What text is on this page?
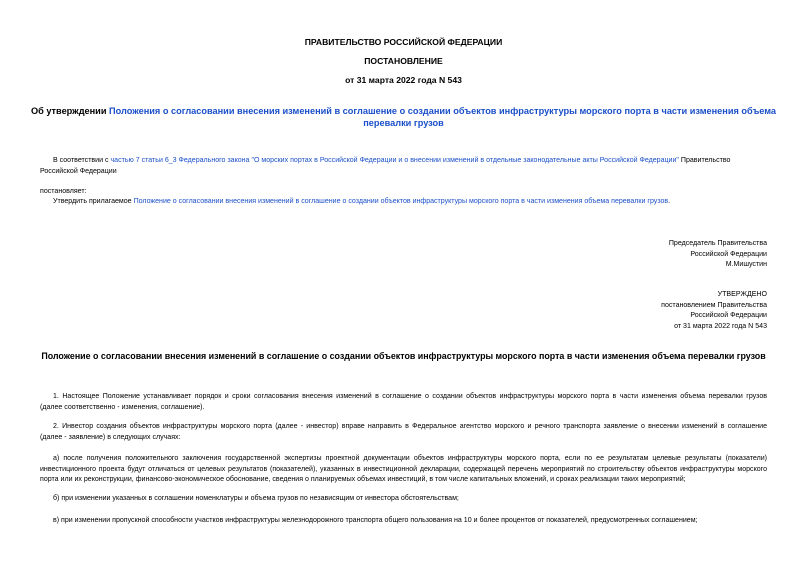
ПРАВИТЕЛЬСТВО РОССИЙСКОЙ ФЕДЕРАЦИИ
ПОСТАНОВЛЕНИЕ
от 31 марта 2022 года N 543
Об утверждении Положения о согласовании внесения изменений в соглашение о создании объектов инфраструктуры морского порта в части изменения объема
перевалки грузов
В соответствии с частью 7 статьи 6_3 Федерального закона "О морских портах в Российской Федерации и о внесении изменений в отдельные законодательные акты Российской Федерации" Правительство
Российской Федерации
постановляет:
Утвердить прилагаемое Положение о согласовании внесения изменений в соглашение о создании объектов инфраструктуры морского порта в части изменения объема перевалки грузов.
Председатель Правительства
Российской Федерации
М.Мишустин
УТВЕРЖДЕНО
постановлением Правительства
Российской Федерации
от 31 марта 2022 года N 543
Положение о согласовании внесения изменений в соглашение о создании объектов инфраструктуры морского порта в части изменения объема перевалки грузов
1. Настоящее Положение устанавливает порядок и сроки согласования внесения изменений в соглашение о создании объектов инфраструктуры морского порта в части изменения объема перевалки грузов
(далее соответственно - изменения, соглашение).
2. Инвестор создания объектов инфраструктуры морского порта (далее - инвестор) вправе направить в Федеральное агентство морского и речного транспорта заявление о внесении изменений в соглашение
(далее - заявление) в следующих случаях:
а) после получения положительного заключения государственной экспертизы проектной документации объектов инфраструктуры морского порта, если по ее результатам целевые результаты (показатели)
инвестиционного проекта будут отличаться от целевых результатов (показателей), указанных в инвестиционной декларации, содержащей перечень мероприятий по строительству объектов инфраструктуры морского
порта или их реконструкции, финансово-экономическое обоснование, сведения о планируемых объемах инвестиций, в том числе капитальных вложений, и сроках реализации таких мероприятий;
б) при изменении указанных в соглашении номенклатуры и объема грузов по независящим от инвестора обстоятельствам;
в) при изменении пропускной способности участков инфраструктуры железнодорожного транспорта общего пользования на 10 и более процентов от показателей, предусмотренных соглашением;
